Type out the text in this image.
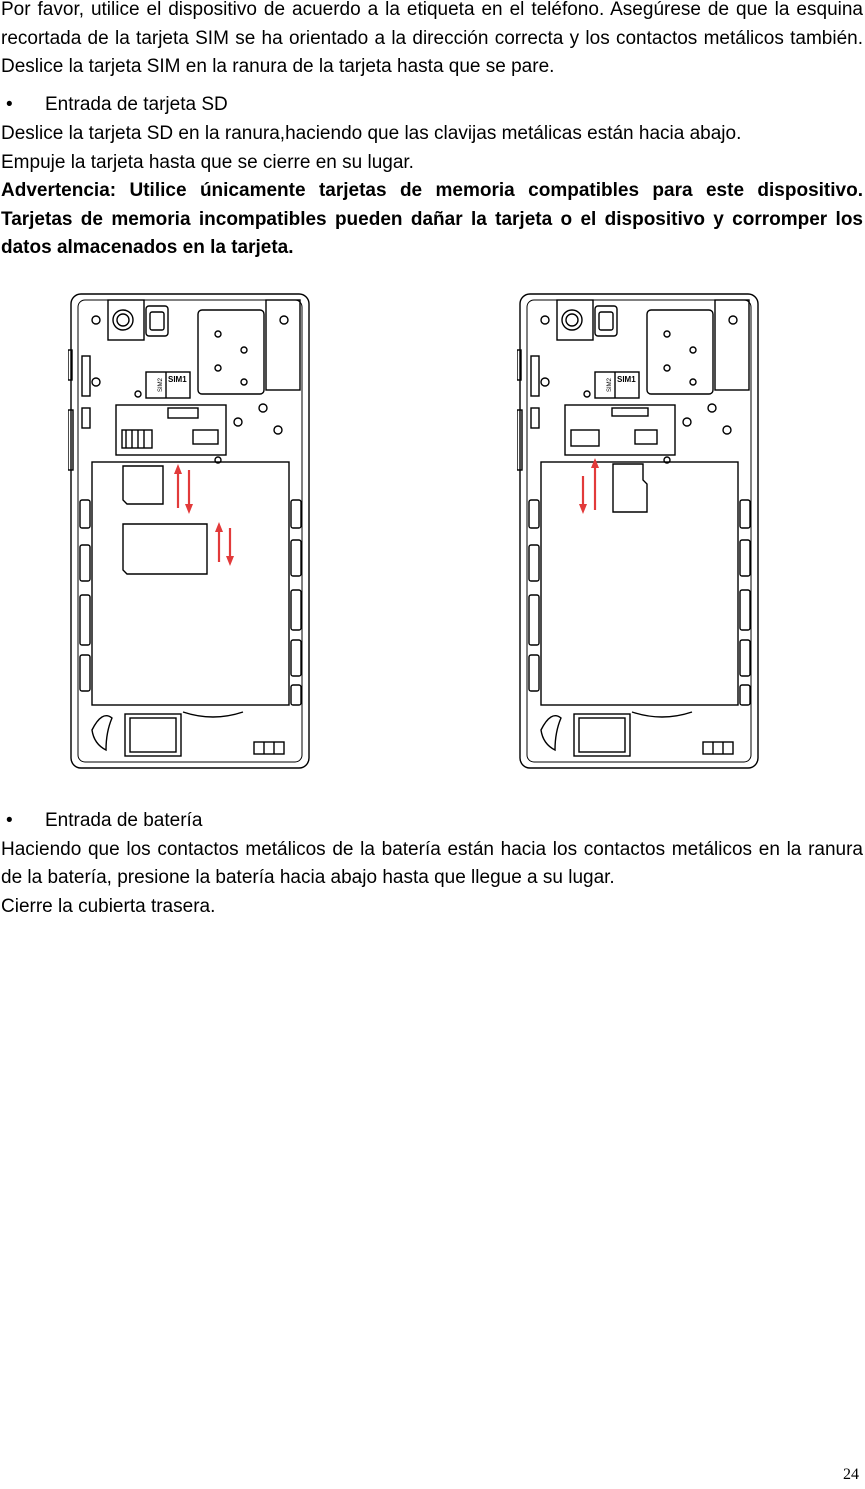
Por favor, utilice el dispositivo de acuerdo a la etiqueta en el teléfono. Asegúrese de que la esquina recortada de la tarjeta SIM se ha orientado a la dirección correcta y los contactos metálicos también. Deslice la tarjeta SIM en la ranura de la tarjeta hasta que se pare.

• Entrada de tarjeta SD

Deslice la tarjeta SD en la ranura,haciendo que las clavijas metálicas están hacia abajo.

Empuje la tarjeta hasta que se cierre en su lugar.

Advertencia: Utilice únicamente tarjetas de memoria compatibles para este dispositivo. Tarjetas de memoria incompatibles pueden dañar la tarjeta o el dispositivo y corromper los datos almacenados en la tarjeta.

SIM1
SIM2	SIM1
SIM2
• Entrada de batería

Haciendo que los contactos metálicos de la batería están hacia los contactos metálicos en la ranura de la batería, presione la batería hacia abajo hasta que llegue a su lugar.

Cierre la cubierta trasera.

24
